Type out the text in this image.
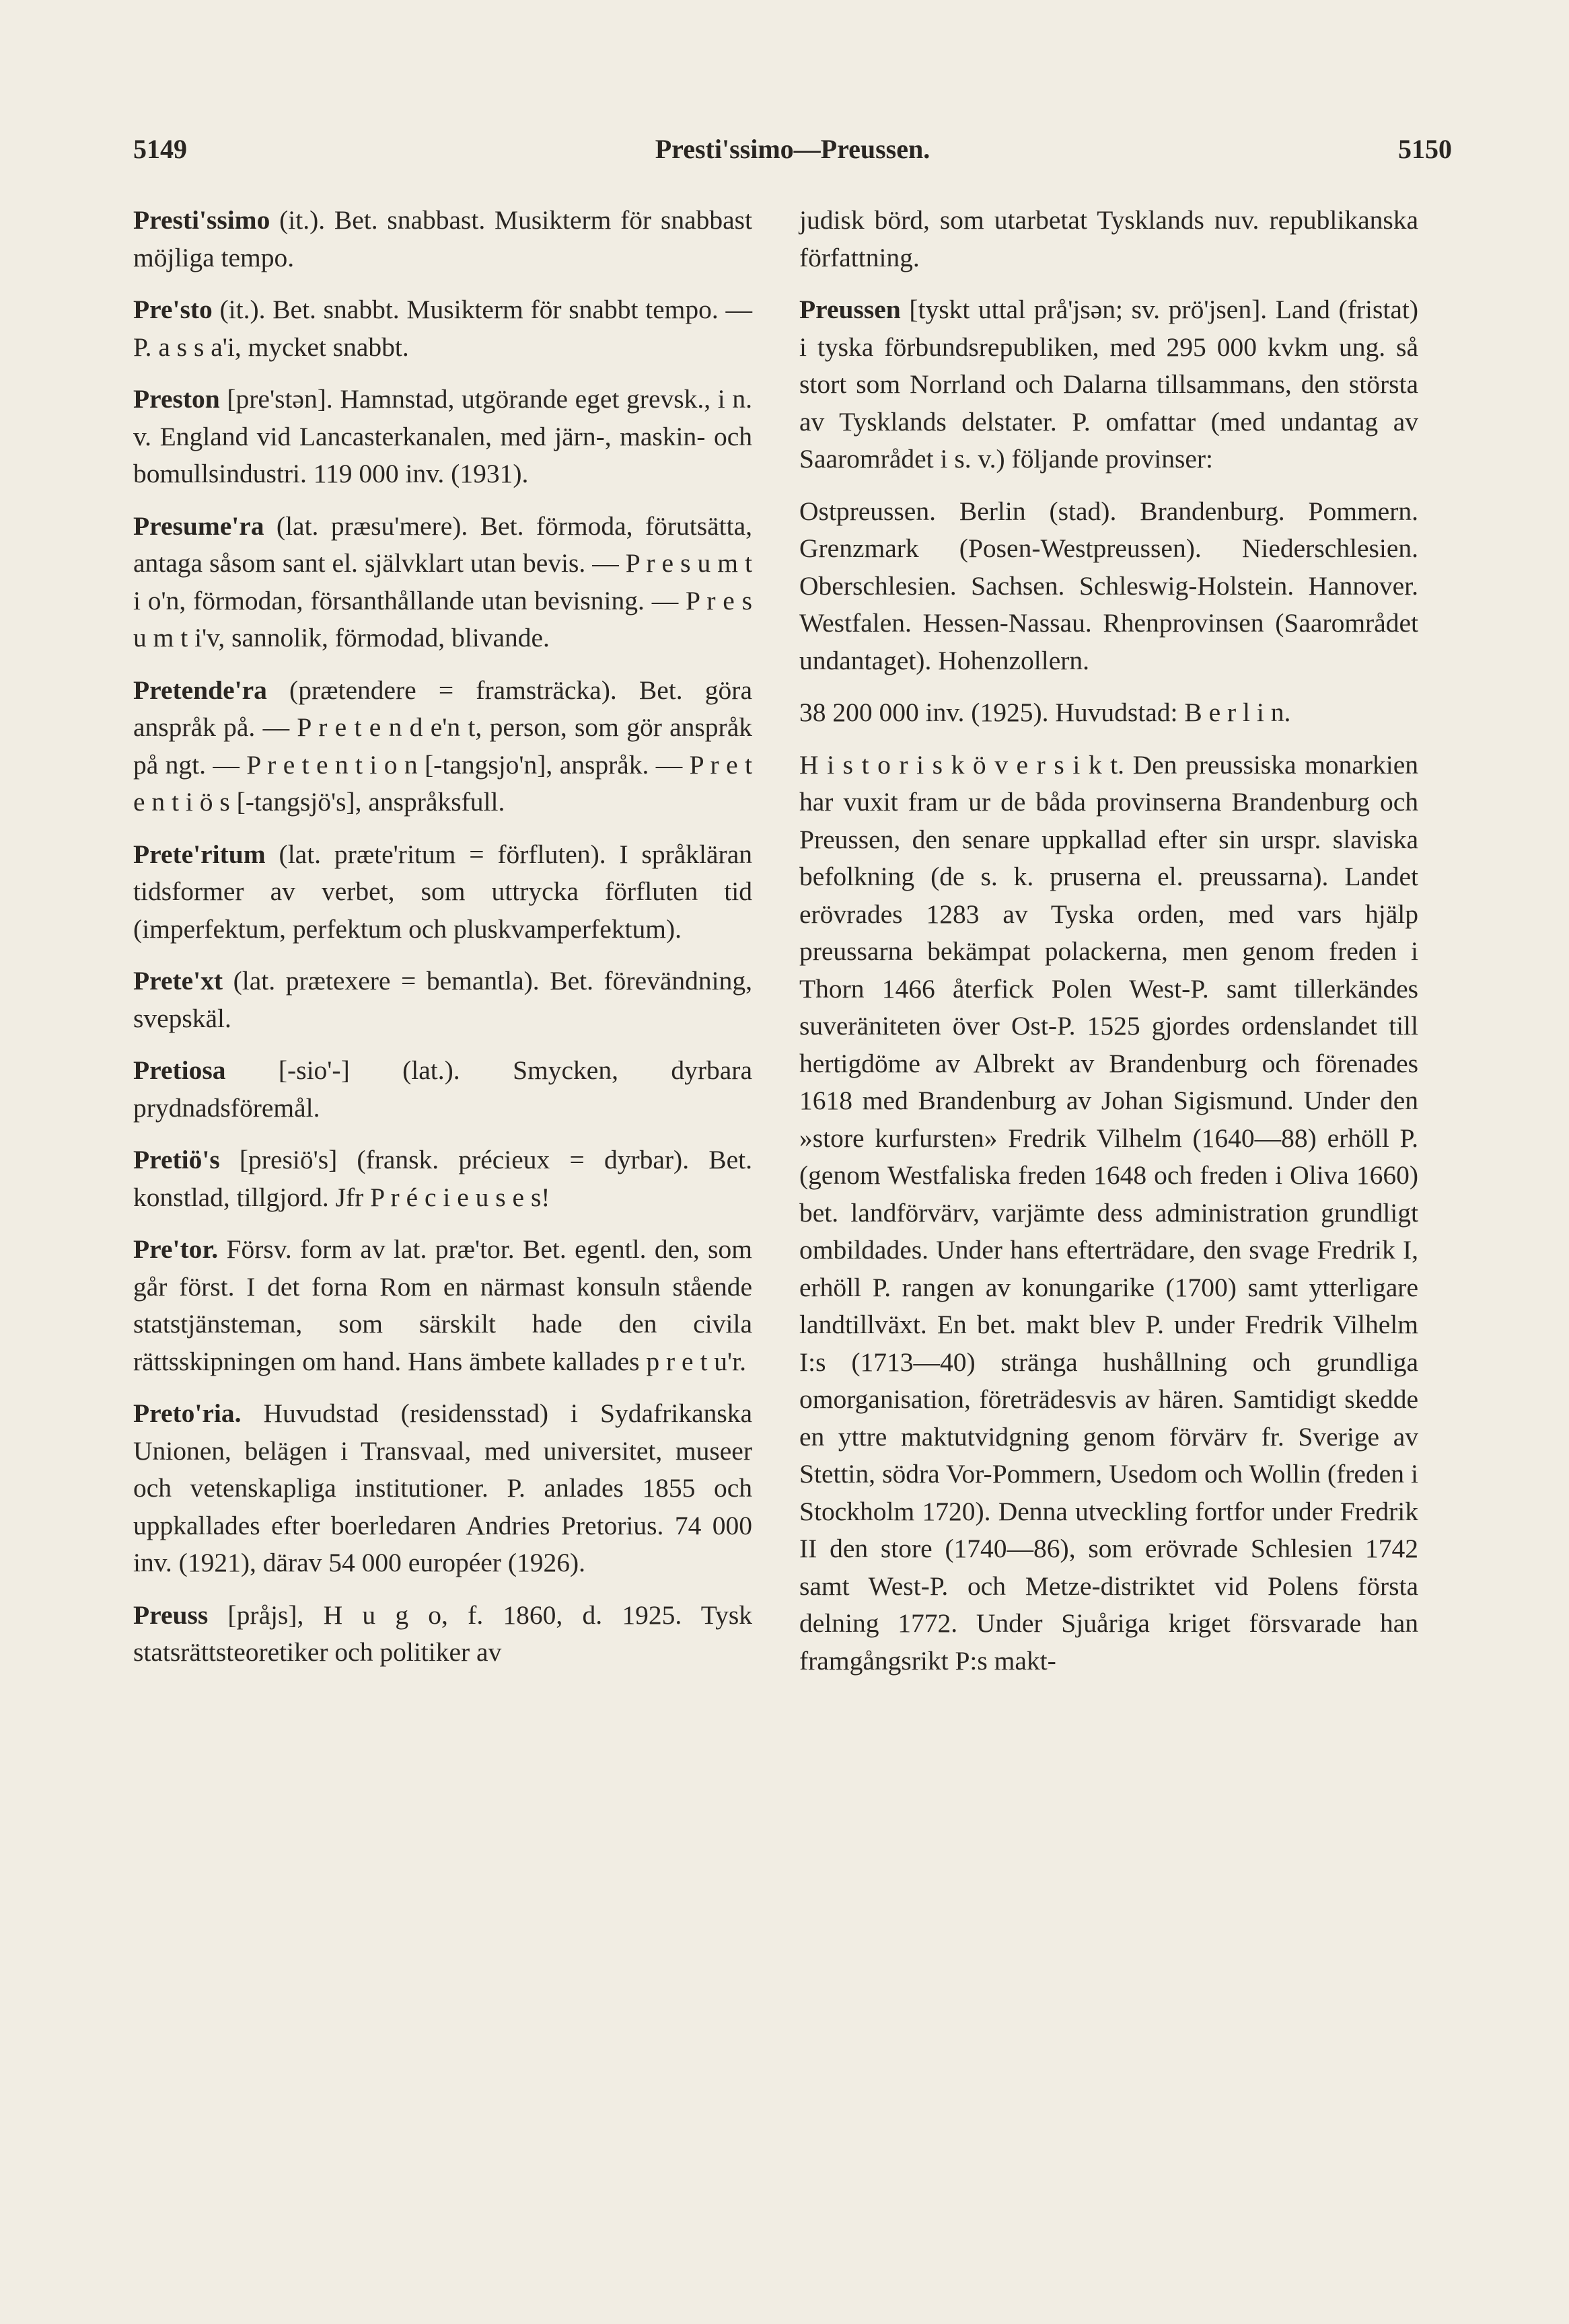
5149	Presti'ssimo—Preussen.	5150

Presti'ssimo (it.). Bet. snabbast. Musikterm för snabbast möjliga tempo.

Pre'sto (it.). Bet. snabbt. Musikterm för snabbt tempo. — P. a s s a'i, mycket snabbt.

Preston [pre'stən]. Hamnstad, utgörande eget grevsk., i n. v. England vid Lancasterkanalen, med järn-, maskin- och bomullsindustri. 119 000 inv. (1931).

Presume'ra (lat. præsu'mere). Bet. förmoda, förutsätta, antaga såsom sant el. självklart utan bevis. — P r e s u m t i o'n, förmodan, försanthållande utan bevisning. — P r e s u m t i'v, sannolik, förmodad, blivande.

Pretende'ra (prætendere = framsträcka). Bet. göra anspråk på. — P r e t e n d e'n t, person, som gör anspråk på ngt. — P r e t e n t i o n [-tangsjo'n], anspråk. — P r e t e n t i ö s [-tangsjö's], anspråksfull.

Prete'ritum (lat. præte'ritum = förfluten). I språkläran tidsformer av verbet, som uttrycka förfluten tid (imperfektum, perfektum och pluskvamperfektum).

Prete'xt (lat. prætexere = bemantla). Bet. förevändning, svepskäl.

Pretiosa [-sio'-] (lat.). Smycken, dyrbara prydnadsföremål.

Pretiö's [presiö's] (fransk. précieux = dyrbar). Bet. konstlad, tillgjord. Jfr P r é c i e u s e s!

Pre'tor. Försv. form av lat. præ'tor. Bet. egentl. den, som går först. I det forna Rom en närmast konsuln stående statstjänsteman, som särskilt hade den civila rättsskipningen om hand. Hans ämbete kallades p r e t u'r.

Preto'ria. Huvudstad (residensstad) i Sydafrikanska Unionen, belägen i Transvaal, med universitet, museer och vetenskapliga institutioner. P. anlades 1855 och uppkallades efter boerledaren Andries Pretorius. 74 000 inv. (1921), därav 54 000 européer (1926).

Preuss [pråjs], H u g o, f. 1860, d. 1925. Tysk statsrättsteoretiker och politiker av

judisk börd, som utarbetat Tysklands nuv. republikanska författning.

Preussen [tyskt uttal prå'jsən; sv. prö'jsen]. Land (fristat) i tyska förbundsrepubliken, med 295 000 kvkm ung. så stort som Norrland och Dalarna tillsammans, den största av Tysklands delstater. P. omfattar (med undantag av Saarområdet i s. v.) följande provinser:

Ostpreussen. Berlin (stad). Brandenburg. Pommern. Grenzmark (Posen-Westpreussen). Niederschlesien. Oberschlesien. Sachsen. Schleswig-Holstein. Hannover. Westfalen. Hessen-Nassau. Rhenprovinsen (Saarområdet undantaget). Hohenzollern.

38 200 000 inv. (1925). Huvudstad: B e r l i n.

H i s t o r i s k ö v e r s i k t. Den preussiska monarkien har vuxit fram ur de båda provinserna Brandenburg och Preussen, den senare uppkallad efter sin urspr. slaviska befolkning (de s. k. pruserna el. preussarna). Landet erövrades 1283 av Tyska orden, med vars hjälp preussarna bekämpat polackerna, men genom freden i Thorn 1466 återfick Polen West-P. samt tillerkändes suveräniteten över Ost-P. 1525 gjordes ordenslandet till hertigdöme av Albrekt av Brandenburg och förenades 1618 med Brandenburg av Johan Sigismund. Under den »store kurfursten» Fredrik Vilhelm (1640—88) erhöll P. (genom Westfaliska freden 1648 och freden i Oliva 1660) bet. landförvärv, varjämte dess administration grundligt ombildades. Under hans efterträdare, den svage Fredrik I, erhöll P. rangen av konungarike (1700) samt ytterligare landtillväxt. En bet. makt blev P. under Fredrik Vilhelm I:s (1713—40) stränga hushållning och grundliga omorganisation, företrädesvis av hären. Samtidigt skedde en yttre maktutvidgning genom förvärv fr. Sverige av Stettin, södra Vor-Pommern, Usedom och Wollin (freden i Stockholm 1720). Denna utveckling fortfor under Fredrik II den store (1740—86), som erövrade Schlesien 1742 samt West-P. och Metze-distriktet vid Polens första delning 1772. Under Sjuåriga kriget försvarade han framgångsrikt P:s makt-
